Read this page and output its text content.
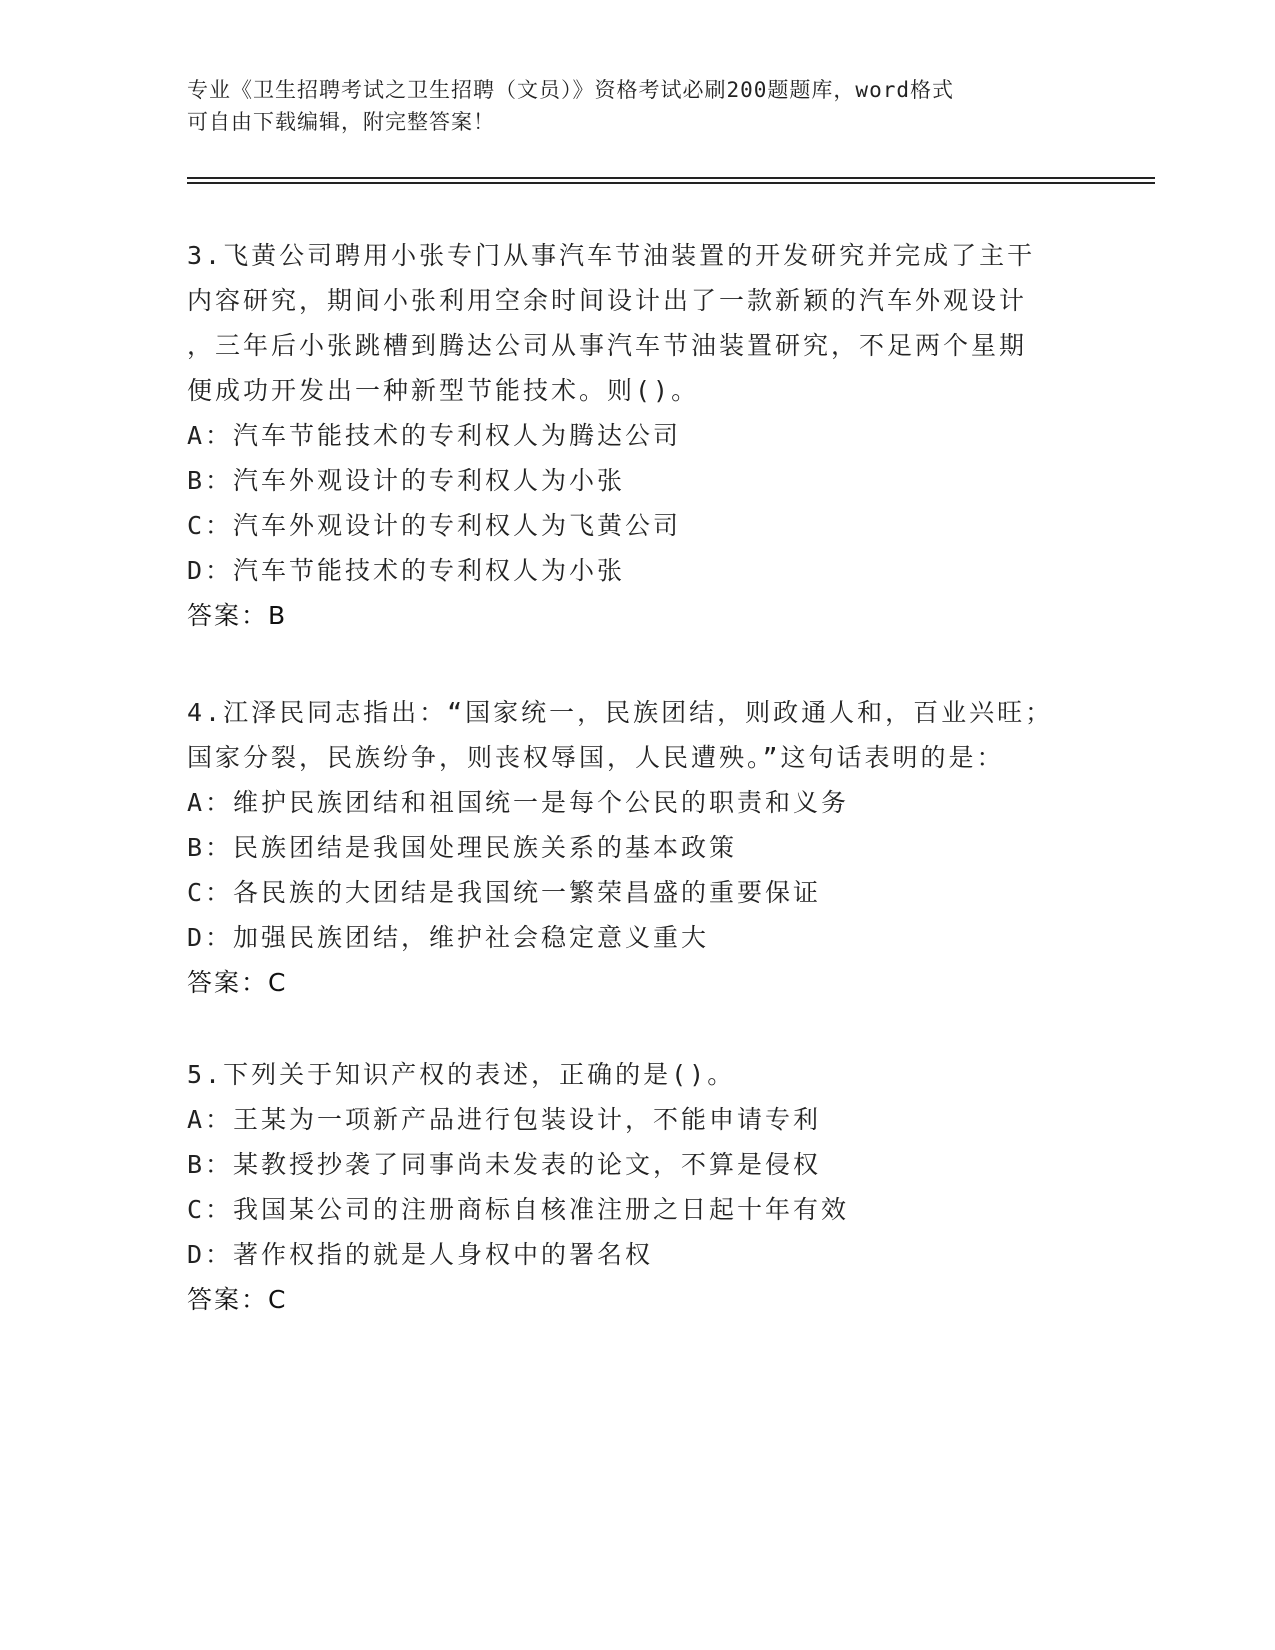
专业《卫生招聘考试之卫生招聘（文员）》资格考试必刷200题题库，word格式
可自由下载编辑，附完整答案！
3.飞黄公司聘用小张专门从事汽车节油装置的开发研究并完成了主干
内容研究，期间小张利用空余时间设计出了一款新颖的汽车外观设计
，三年后小张跳槽到腾达公司从事汽车节油装置研究，不足两个星期
便成功开发出一种新型节能技术。则()。
A：汽车节能技术的专利权人为腾达公司
B：汽车外观设计的专利权人为小张
C：汽车外观设计的专利权人为飞黄公司
D：汽车节能技术的专利权人为小张
答案：B
4.江泽民同志指出：“国家统一，民族团结，则政通人和，百业兴旺；
国家分裂，民族纷争，则丧权辱国，人民遭殃。”这句话表明的是：
A：维护民族团结和祖国统一是每个公民的职责和义务
B：民族团结是我国处理民族关系的基本政策
C：各民族的大团结是我国统一繁荣昌盛的重要保证
D：加强民族团结，维护社会稳定意义重大
答案：C
5.下列关于知识产权的表述，正确的是()。
A：王某为一项新产品进行包装设计，不能申请专利
B：某教授抄袭了同事尚未发表的论文，不算是侵权
C：我国某公司的注册商标自核准注册之日起十年有效
D：著作权指的就是人身权中的署名权
答案：C
